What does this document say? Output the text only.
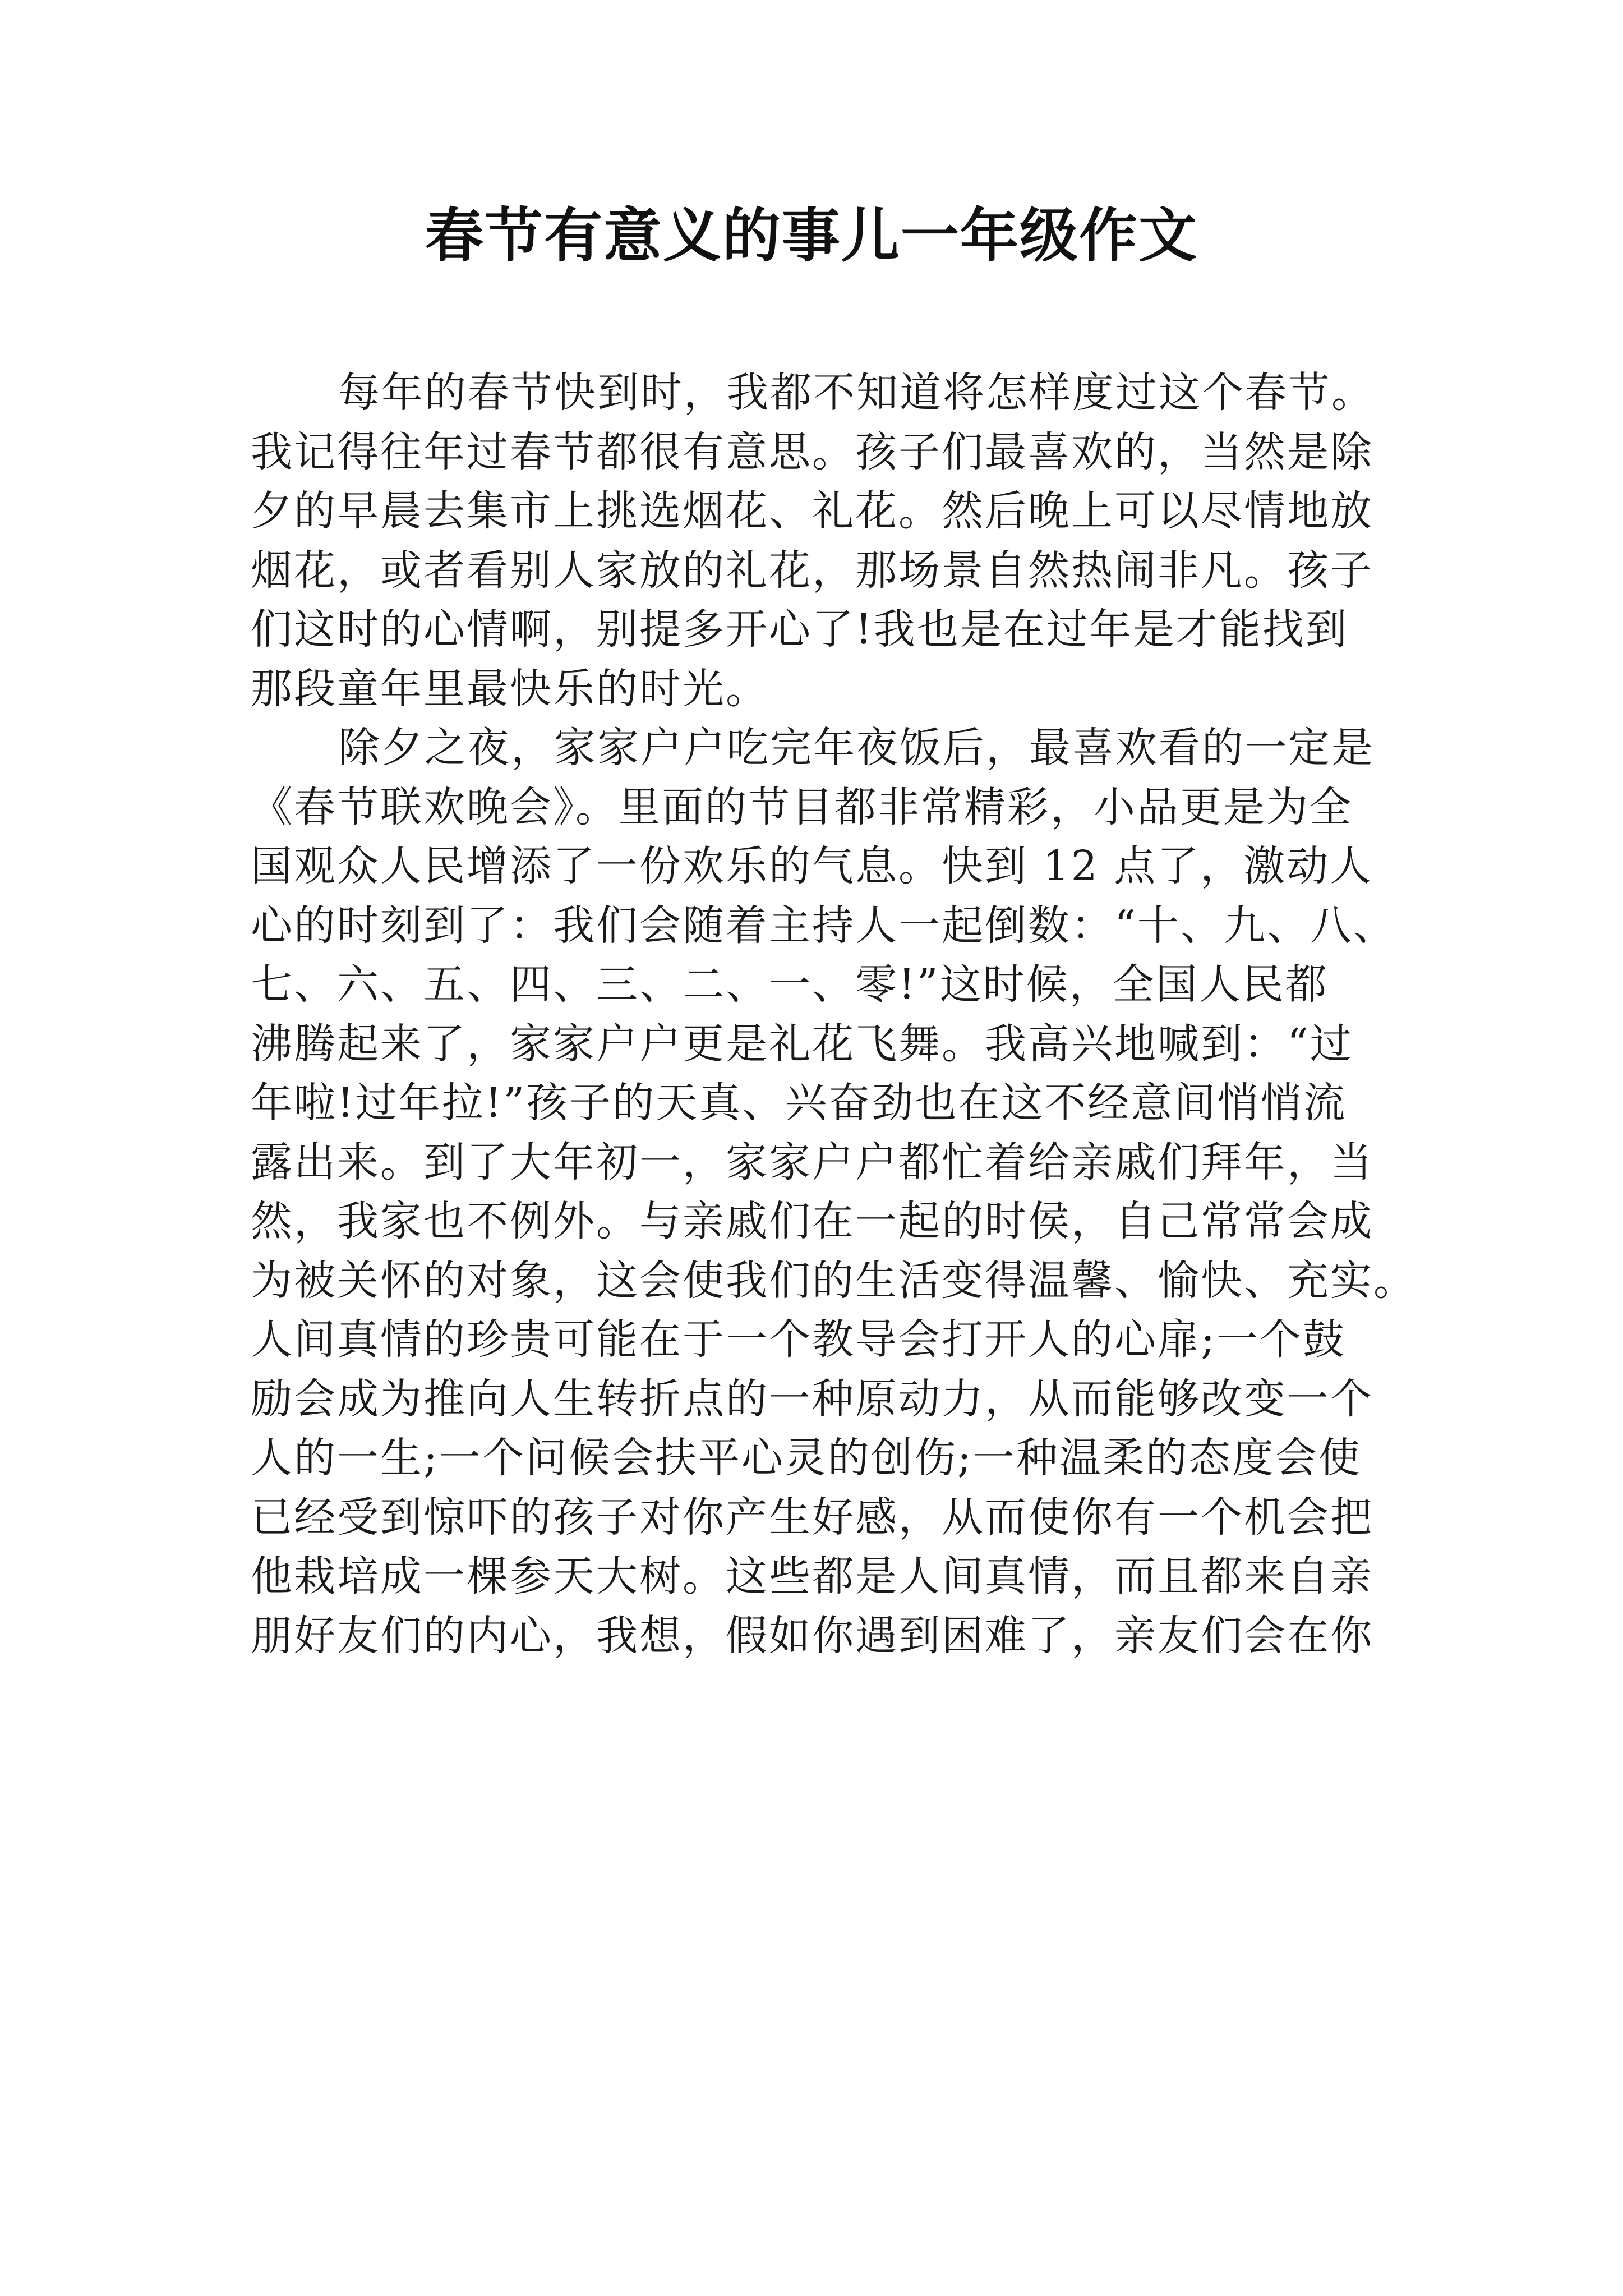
春节有意义的事儿一年级作文
每年的春节快到时，我都不知道将怎样度过这个春节。
我记得往年过春节都很有意思。孩子们最喜欢的，当然是除
夕的早晨去集市上挑选烟花、礼花。然后晚上可以尽情地放
烟花，或者看别人家放的礼花，那场景自然热闹非凡。孩子
们这时的心情啊，别提多开心了!我也是在过年是才能找到
那段童年里最快乐的时光。
除夕之夜，家家户户吃完年夜饭后，最喜欢看的一定是
《春节联欢晚会》。里面的节目都非常精彩，小品更是为全
国观众人民增添了一份欢乐的气息。快到 12 点了，激动人
心的时刻到了：我们会随着主持人一起倒数：“十、九、八、
七、六、五、四、三、二、一、零!”这时候，全国人民都
沸腾起来了，家家户户更是礼花飞舞。我高兴地喊到：“过
年啦!过年拉!”孩子的天真、兴奋劲也在这不经意间悄悄流
露出来。到了大年初一，家家户户都忙着给亲戚们拜年，当
然，我家也不例外。与亲戚们在一起的时侯，自己常常会成
为被关怀的对象，这会使我们的生活变得温馨、愉快、充实。
人间真情的珍贵可能在于一个教导会打开人的心扉;一个鼓
励会成为推向人生转折点的一种原动力，从而能够改变一个
人的一生;一个问候会扶平心灵的创伤;一种温柔的态度会使
已经受到惊吓的孩子对你产生好感，从而使你有一个机会把
他栽培成一棵参天大树。这些都是人间真情，而且都来自亲
朋好友们的内心，我想，假如你遇到困难了，亲友们会在你
